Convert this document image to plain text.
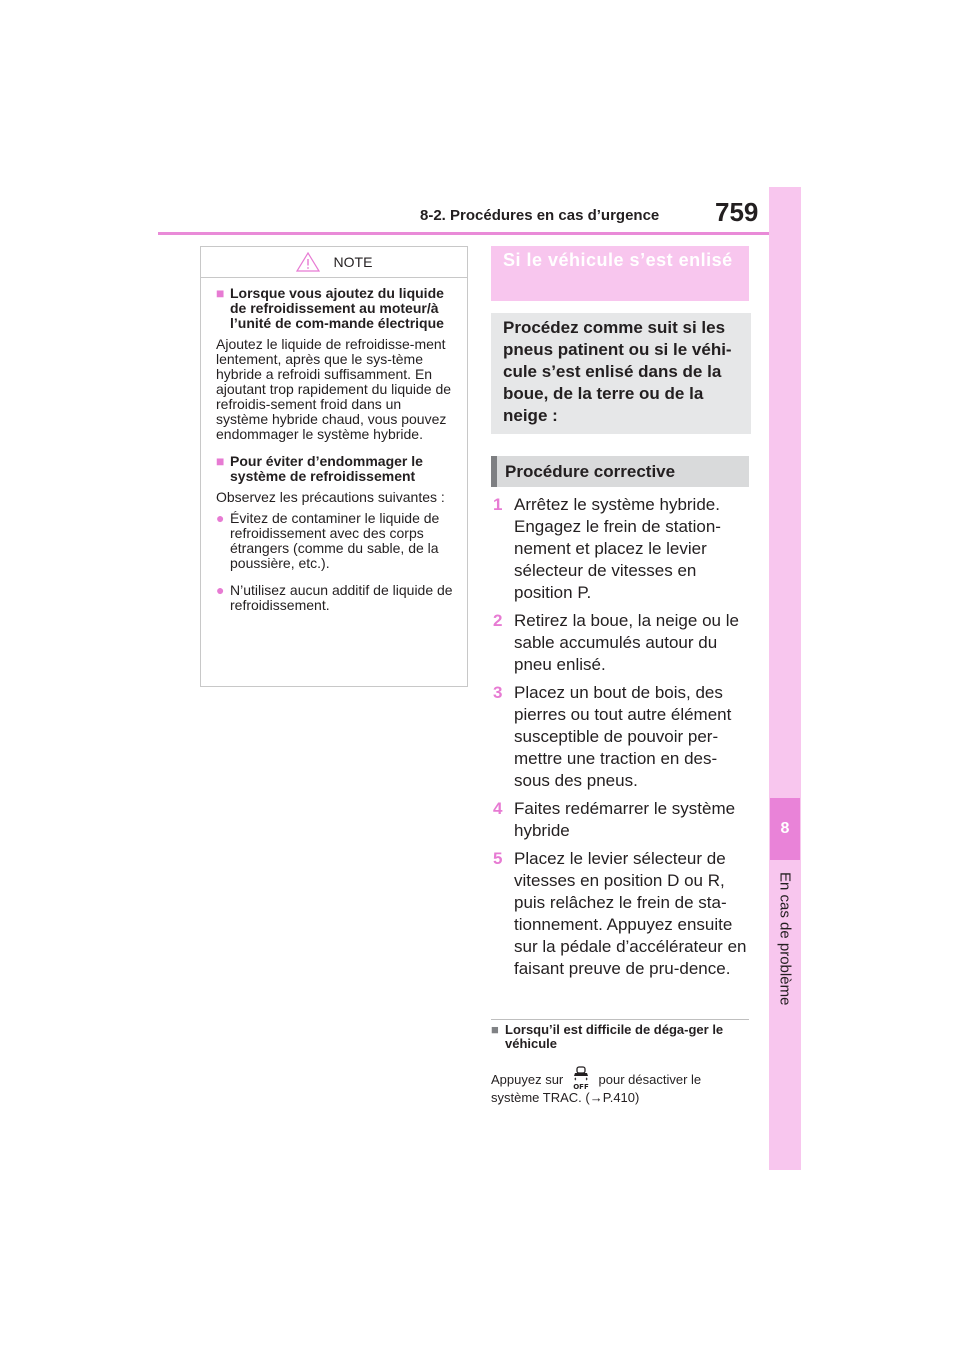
8-2. Procédures en cas d’urgence 759
8
En cas de problème
NOTE
■ Lorsque vous ajoutez du liquide de refroidissement au moteur/à l’unité de com-mande électrique
Ajoutez le liquide de refroidisse-ment lentement, après que le sys-tème hybride a refroidi suffisamment. En ajoutant trop rapidement du liquide de refroidis-sement froid dans un système hybride chaud, vous pouvez endommager le système hybride.
■ Pour éviter d’endommager le système de refroidissement
Observez les précautions suivantes :
● Évitez de contaminer le liquide de refroidissement avec des corps étrangers (comme du sable, de la poussière, etc.).
● N’utilisez aucun additif de liquide de refroidissement.
Si le véhicule s’est enlisé
Procédez comme suit si les pneus patinent ou si le véhi-cule s’est enlisé dans de la boue, de la terre ou de la neige :
Procédure corrective
1 Arrêtez le système hybride. Engagez le frein de station-nement et placez le levier sélecteur de vitesses en position P.
2 Retirez la boue, la neige ou le sable accumulés autour du pneu enlisé.
3 Placez un bout de bois, des pierres ou tout autre élément susceptible de pouvoir per-mettre une traction en des-sous des pneus.
4 Faites redémarrer le système hybride
5 Placez le levier sélecteur de vitesses en position D ou R, puis relâchez le frein de sta-tionnement. Appuyez ensuite sur la pédale d’accélérateur en faisant preuve de pru-dence.
■ Lorsqu’il est difficile de déga-ger le véhicule
Appuyez sur OFF pour désactiver le système TRAC. (→P.410)
